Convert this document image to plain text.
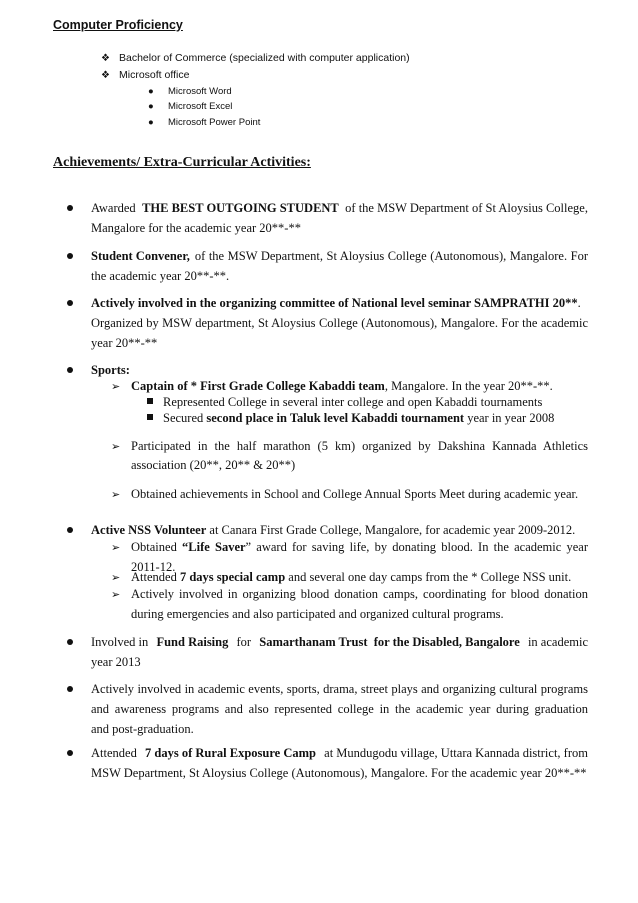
Computer Proficiency
❖ Bachelor of Commerce (specialized with computer application)
❖ Microsoft office
● Microsoft Word
● Microsoft Excel
● Microsoft Power Point
Achievements/ Extra-Curricular Activities:
Awarded THE BEST OUTGOING STUDENT of the MSW Department of St Aloysius College,
Mangalore for the academic year 20**-**
Student Convener, of the MSW Department, St Aloysius College (Autonomous), Mangalore. For
the academic year 20**-**.
Actively involved in the organizing committee of National level seminar SAMPRATHI 20**.
Organized by MSW department, St Aloysius College (Autonomous), Mangalore. For the academic
year 20**-**
Sports:
➢ Captain of * First Grade College Kabaddi team, Mangalore. In the year 20**-**.
Represented College in several inter college and open Kabaddi tournaments
Secured second place in Taluk level Kabaddi tournament year in year 2008
➢ Participated in the half marathon (5 km) organized by Dakshina Kannada Athletics
association (20**, 20** & 20**)
➢ Obtained achievements in School and College Annual Sports Meet during academic year.
Active NSS Volunteer at Canara First Grade College, Mangalore, for academic year 2009-2012.
➢ Obtained “Life Saver” award for saving life, by donating blood. In the academic year
2011-12.
➢ Attended 7 days special camp and several one day camps from the * College NSS unit.
➢ Actively involved in organizing blood donation camps, coordinating for blood donation
during emergencies and also participated and organized cultural programs.
Involved in Fund Raising for Samarthanam Trust  for the Disabled, Bangalore in academic
year 2013
Actively involved in academic events, sports, drama, street plays and organizing cultural programs
and awareness programs and also represented college in the academic year during graduation
and post-graduation.
Attended 7 days of Rural Exposure Camp at Mundugodu village, Uttara Kannada district, from
MSW Department, St Aloysius College (Autonomous), Mangalore. For the academic year 20**-**
